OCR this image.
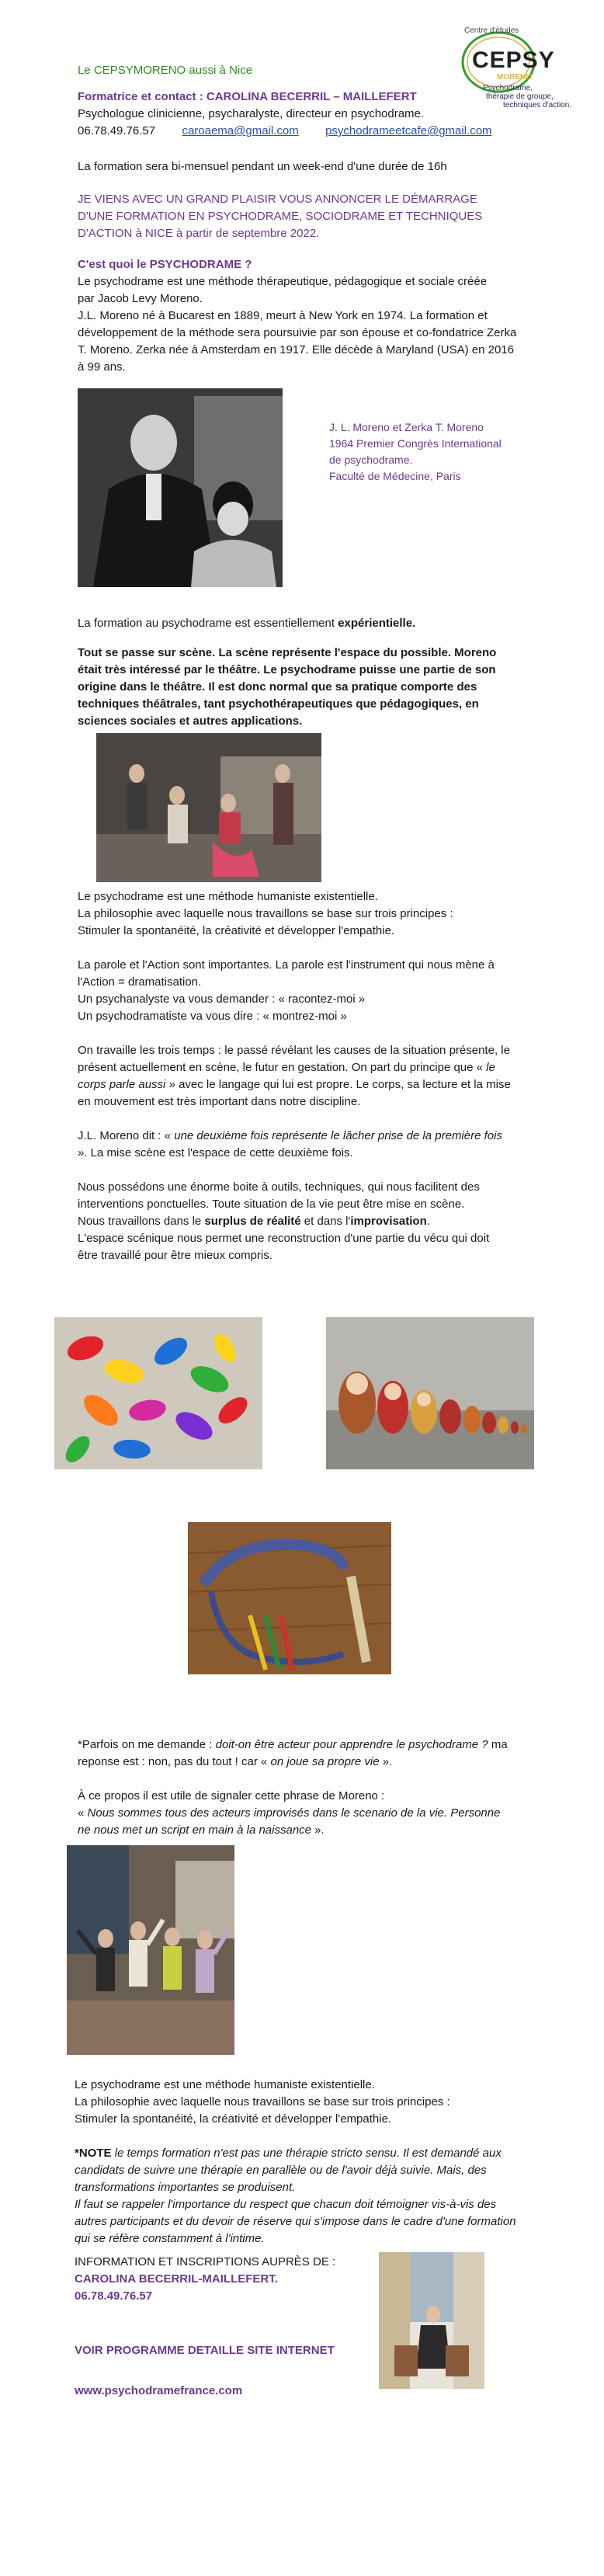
Centre d'études
CEPSY
MORENO
Psychodrame,
thérapie de groupe,
techniques d'action.
Le CEPSYMORENO aussi à Nice
Formatrice et contact : CAROLINA BECERRIL – MAILLEFERT
Psychologue clinicienne, psycharalyste, directeur en psychodrame.
06.78.49.76.57 caroaema@gmail.com psychodrameetcafe@gmail.com
La formation sera bi-mensuel pendant un week-end d'une durée de 16h
JE VIENS AVEC UN GRAND PLAISIR VOUS ANNONCER LE DÉMARRAGE D'UNE FORMATION EN PSYCHODRAME, SOCIODRAME ET TECHNIQUES D'ACTION à NICE à partir de septembre 2022.
C'est quoi le PSYCHODRAME ?
Le psychodrame est une méthode thérapeutique, pédagogique et sociale créée par Jacob Levy Moreno.
J.L. Moreno né à Bucarest en 1889, meurt à New York en 1974. La formation et développement de la méthode sera poursuivie par son épouse et co-fondatrice Zerka T. Moreno. Zerka née à Amsterdam en 1917. Elle décède à Maryland (USA) en 2016 à 99 ans.
J. L. Moreno et Zerka T. Moreno
1964 Premier Congrès International
de psychodrame.
Faculté de Médecine, Paris
La formation au psychodrame est essentiellement expérientielle.
Tout se passe sur scène. La scène représente l'espace du possible. Moreno était très intéressé par le théâtre. Le psychodrame puisse une partie de son origine dans le théâtre. Il est donc normal que sa pratique comporte des techniques théâtrales, tant psychothérapeutiques que pédagogiques, en sciences sociales et autres applications.
Le psychodrame est une méthode humaniste existentielle.
La philosophie avec laquelle nous travaillons se base sur trois principes :
Stimuler la spontanéité, la créativité et développer l'empathie.
La parole et l'Action sont importantes. La parole est l'instrument qui nous mène à l'Action = dramatisation.
Un psychanalyste va vous demander : « racontez-moi »
Un psychodramatiste va vous dire : « montrez-moi »
On travaille les trois temps : le passé révélant les causes de la situation présente, le présent actuellement en scène, le futur en gestation. On part du principe que « le corps parle aussi » avec le langage qui lui est propre. Le corps, sa lecture et la mise en mouvement est très important dans notre discipline.
J.L. Moreno dit : « une deuxième fois représente le lâcher prise de la première fois ». La mise scène est l'espace de cette deuxième fois.
Nous possédons une énorme boite à outils, techniques, qui nous facilitent des interventions ponctuelles. Toute situation de la vie peut être mise en scène.
Nous travaillons dans le surplus de réalité et dans l'improvisation.
L'espace scénique nous permet une reconstruction d'une partie du vécu qui doit être travaillé pour être mieux compris.
*Parfois on me demande : doit-on être acteur pour apprendre le psychodrame ? ma reponse est : non, pas du tout ! car « on joue sa propre vie ».
À ce propos il est utile de signaler cette phrase de Moreno :
« Nous sommes tous des acteurs improvisés dans le scenario de la vie. Personne ne nous met un script en main à la naissance ».
Le psychodrame est une méthode humaniste existentielle.
La philosophie avec laquelle nous travaillons se base sur trois principes :
Stimuler la spontanéité, la créativité et développer l'empathie.
*NOTE le temps formation n'est pas une thérapie stricto sensu. Il est demandé aux candidats de suivre une thérapie en parallèle ou de l'avoir déjà suivie. Mais, des transformations importantes se produisent.
Il faut se rappeler l'importance du respect que chacun doit témoigner vis-à-vis des autres participants et du devoir de réserve qui s'impose dans le cadre d'une formation qui se réfère constamment à l'intime.
INFORMATION ET INSCRIPTIONS AUPRÈS DE :
CAROLINA BECERRIL-MAILLEFERT.
06.78.49.76.57
VOIR PROGRAMME DETAILLE SITE INTERNET
www.psychodramefrance.com
